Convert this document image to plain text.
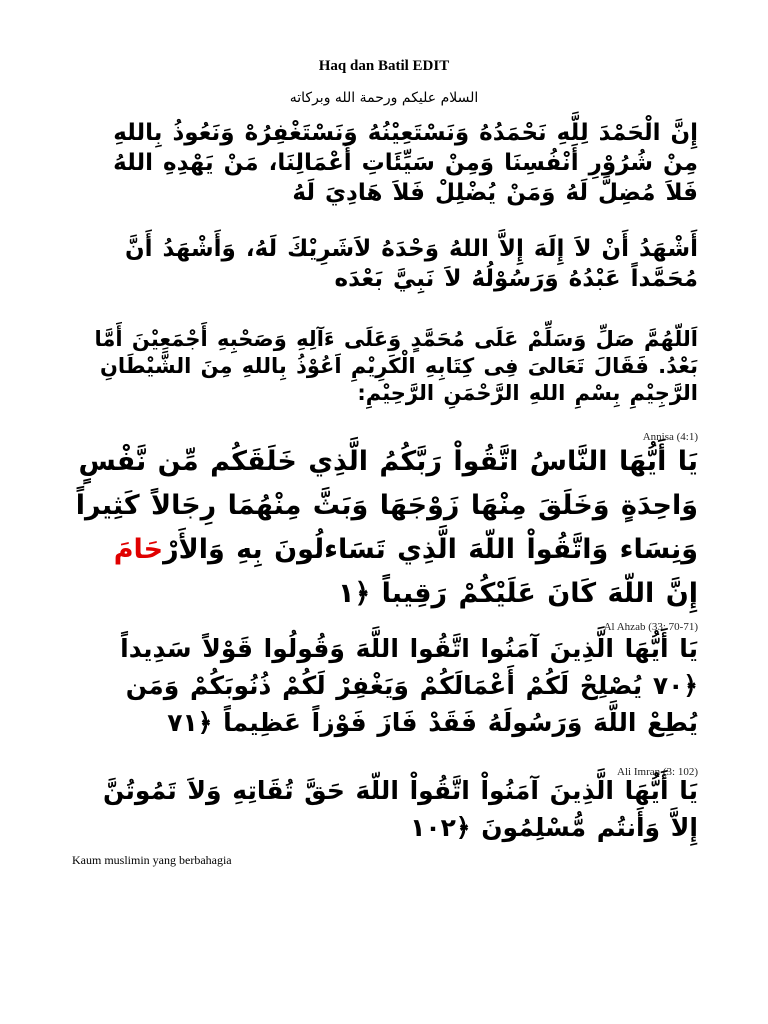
Haq dan Batil EDIT
السلام عليكم ورحمة الله وبركاته
إِنَّ الْحَمْدَ لِلَّهِ نَحْمَدُهُ وَنَسْتَعِيْنُهُ وَنَسْتَغْفِرُهْ وَنَعُوذُ بِاللهِ مِنْ شُرُوْرِ أَنْفُسِنَا وَمِنْ سَيِّئَاتِ أَعْمَالِنَا، مَنْ يَهْدِهِ اللهُ فَلاَ مُضِلَّ لَهُ وَمَنْ يُضْلِلْ فَلاَ هَادِيَ لَهُ
أَشْهَدُ أَنْ لاَ إِلَهَ إِلاَّ اللهُ وَحْدَهُ لاَشَرِيْكَ لَهُ، وَأَشْهَدُ أَنَّ مُحَمَّداً عَبْدُهُ وَرَسُوْلُهُ لاَ نَبِيَّ بَعْدَه
اَللّهُمَّ صَلِّ وَسَلِّمْ عَلَى مُحَمَّدٍ وَعَلَى ءَآلِهِ وَصَحْبِهِ أَجْمَعِيْنَ أَمَّا بَعْدُ. فَقَالَ تَعَالىَ فِى كِتَابِهِ الْكَرِيْمِ اَعُوْذُ بِاللهِ مِنَ الشَّيْطَانِ الرَّجِيْمِ بِسْمِ اللهِ الرَّحْمَنِ الرَّحِيْمِ:
Annisa (4:1)
يَا أَيُّهَا النَّاسُ اتَّقُواْ رَبَّكُمُ الَّذِي خَلَقَكُم مِّن نَّفْسٍ وَاحِدَةٍ وَخَلَقَ مِنْهَا زَوْجَهَا وَبَثَّ مِنْهُمَا رِجَالاً كَثِيراً وَنِسَاء وَاتَّقُواْ اللّهَ الَّذِي تَسَاءلُونَ بِهِ وَالأَرْحَامَ إِنَّ اللّهَ كَانَ عَلَيْكُمْ رَقِيباً ﴿١
Al Ahzab (33: 70-71)
يَا أَيُّهَا الَّذِينَ آمَنُوا اتَّقُوا اللَّهَ وَقُولُوا قَوْلاً سَدِيداً ﴿٧٠ يُصْلِحْ لَكُمْ أَعْمَالَكُمْ وَيَغْفِرْ لَكُمْ ذُنُوبَكُمْ وَمَن يُطِعْ اللَّهَ وَرَسُولَهُ فَقَدْ فَازَ فَوْزاً عَظِيماً ﴿٧١
Ali Imran (3: 102)
يَا أَيُّهَا الَّذِينَ آمَنُواْ اتَّقُواْ اللّهَ حَقَّ تُقَاتِهِ وَلاَ تَمُوتُنَّ إِلاَّ وَأَنتُم مُّسْلِمُونَ ﴿١٠٢
Kaum muslimin yang berbahagia
